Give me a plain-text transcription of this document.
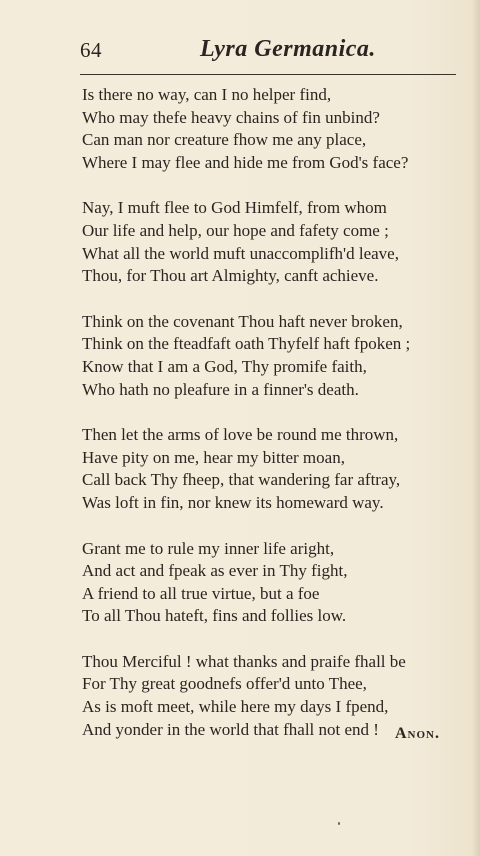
64	Lyra Germanica.
Is there no way, can I no helper find,
Who may thefe heavy chains of fin unbind?
Can man nor creature fhow me any place,
Where I may flee and hide me from God's face?
Nay, I muft flee to God Himfelf, from whom
Our life and help, our hope and fafety come ;
What all the world muft unaccomplifh'd leave,
Thou, for Thou art Almighty, canft achieve.
Think on the covenant Thou haft never broken,
Think on the fteadfaft oath Thyfelf haft fpoken ;
Know that I am a God, Thy promife faith,
Who hath no pleafure in a finner's death.
Then let the arms of love be round me thrown,
Have pity on me, hear my bitter moan,
Call back Thy fheep, that wandering far aftray,
Was loft in fin, nor knew its homeward way.
Grant me to rule my inner life aright,
And act and fpeak as ever in Thy fight,
A friend to all true virtue, but a foe
To all Thou hateft, fins and follies low.
Thou Merciful ! what thanks and praife fhall be
For Thy great goodnefs offer'd unto Thee,
As is moft meet, while here my days I fpend,
And yonder in the world that fhall not end !	Anon.
